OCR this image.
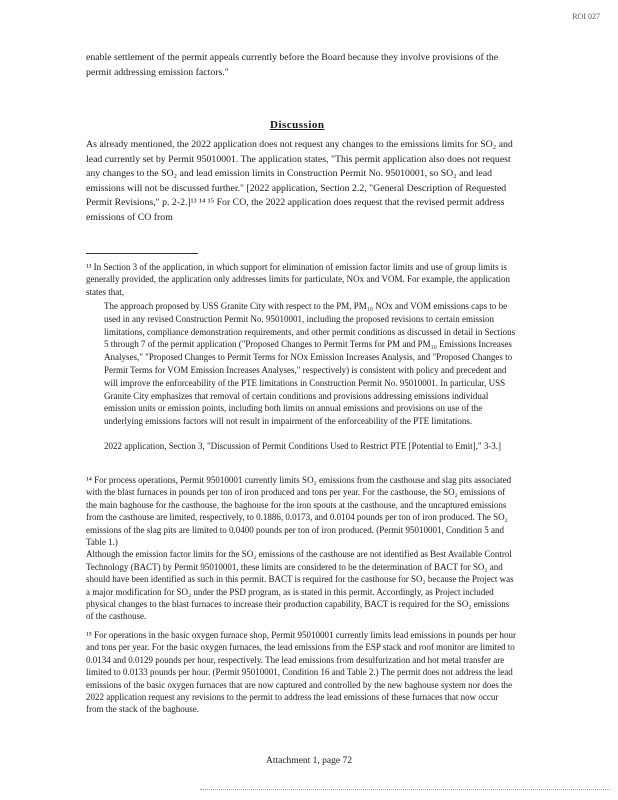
ROI 027

enable settlement of the permit appeals currently before the Board because they involve provisions of the permit addressing emission factors."

Discussion

As already mentioned, the 2022 application does not request any changes to the emissions limits for SO₂ and lead currently set by Permit 95010001. The application states, "This permit application also does not request any changes to the SO₂ and lead emission limits in Construction Permit No. 95010001, so SO₂ and lead emissions will not be discussed further." [2022 application, Section 2.2, "General Description of Requested Permit Revisions," p. 2-2.]¹³ ¹⁴ ¹⁵ For CO, the 2022 application does request that the revised permit address emissions of CO from

¹³ In Section 3 of the application, in which support for elimination of emission factor limits and use of group limits is generally provided, the application only addresses limits for particulate, NOx and VOM. For example, the application states that,

The approach proposed by USS Granite City with respect to the PM, PM₁₀ NOx and VOM emissions caps to be used in any revised Construction Permit No. 95010001, including the proposed revisions to certain emission limitations, compliance demonstration requirements, and other permit conditions as discussed in detail in Sections 5 through 7 of the permit application ("Proposed Changes to Permit Terms for PM and PM₁₀ Emissions Increases Analyses," "Proposed Changes to Permit Terms for NOx Emission Increases Analysis, and "Proposed Changes to Permit Terms for VOM Emission Increases Analyses," respectively) is consistent with policy and precedent and will improve the enforceability of the PTE limitations in Construction Permit No. 95010001. In particular, USS Granite City emphasizes that removal of certain conditions and provisions addressing emissions individual emission units or emission points, including both limits on annual emissions and provisions on use of the underlying emissions factors will not result in impairment of the enforceability of the PTE limitations.

2022 application, Section 3, "Discussion of Permit Conditions Used to Restrict PTE [Potential to Emit]," 3-3.]

¹⁴ For process operations, Permit 95010001 currently limits SO₂ emissions from the casthouse and slag pits associated with the blast furnaces in pounds per ton of iron produced and tons per year. For the casthouse, the SO₂ emissions of the main baghouse for the casthouse, the baghouse for the iron spouts at the casthouse, and the uncaptured emissions from the casthouse are limited, respectively, to 0.1886, 0.0173, and 0.0104 pounds per ton of iron produced. The SO₂ emissions of the slag pits are limited to 0.0400 pounds per ton of iron produced. (Permit 95010001, Condition 5 and Table 1.)

Although the emission factor limits for the SO₂ emissions of the casthouse are not identified as Best Available Control Technology (BACT) by Permit 95010001, these limits are considered to be the determination of BACT for SO₂ and should have been identified as such in this permit. BACT is required for the casthouse for SO₂ because the Project was a major modification for SO₂ under the PSD program, as is stated in this permit. Accordingly, as Project included physical changes to the blast furnaces to increase their production capability, BACT is required for the SO₂ emissions of the casthouse.

¹⁵ For operations in the basic oxygen furnace shop, Permit 95010001 currently limits lead emissions in pounds per hour and tons per year. For the basic oxygen furnaces, the lead emissions from the ESP stack and roof monitor are limited to 0.0134 and 0.0129 pounds per hour, respectively. The lead emissions from desulfurization and hot metal transfer are limited to 0.0133 pounds per hour. (Permit 95010001, Condition 16 and Table 2.) The permit does not address the lead emissions of the basic oxygen furnaces that are now captured and controlled by the new baghouse system nor does the 2022 application request any revisions to the permit to address the lead emissions of these furnaces that now occur from the stack of the baghouse.

Attachment 1, page 72
